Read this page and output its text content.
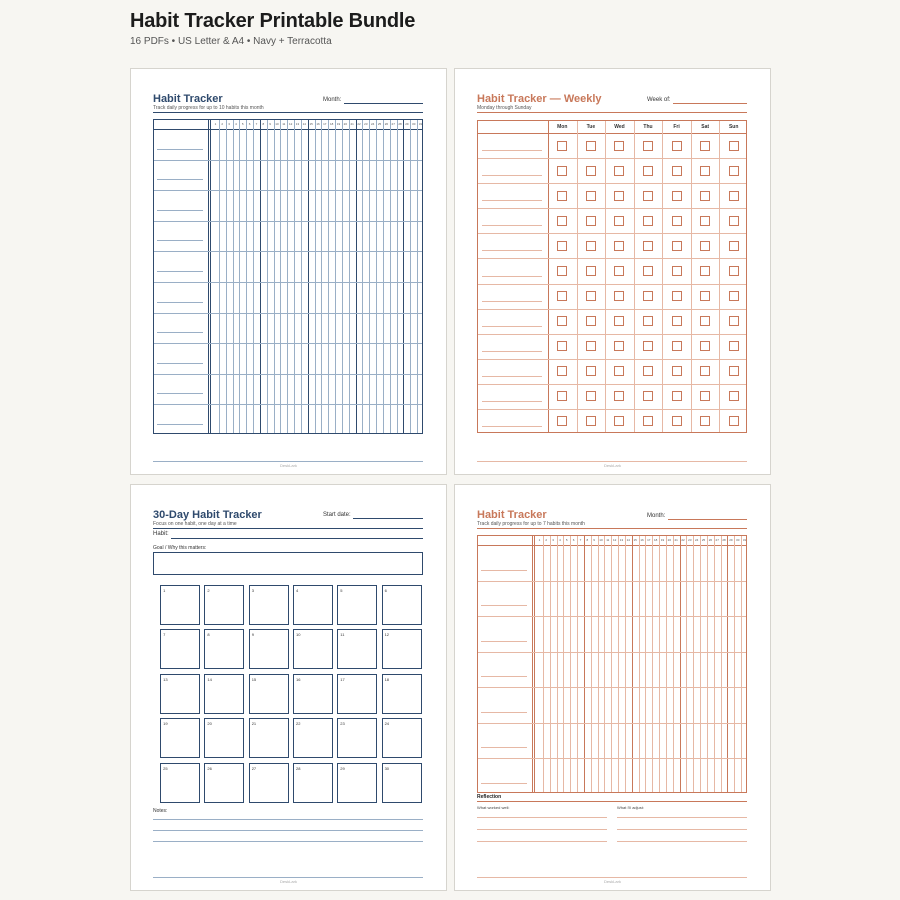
Habit Tracker Printable Bundle
16 PDFs • US Letter & A4 • Navy + Terracotta
Habit Tracker
Track daily progress for up to 10 habits this month
Month:
1	2	3	4	5	6	7	8	9	10	11	12	13	14	15	16	17	18	19	20	21	22	23	24	25	26	27	28	29	30	31
DeskLark
Habit Tracker — Weekly
Monday through Sunday
Week of:
Mon	Tue	Wed	Thu	Fri	Sat	Sun
DeskLark
30-Day Habit Tracker
Focus on one habit, one day at a time
Start date:
Habit:
Goal / Why this matters:
1	2	3	4	5	6
7	8	9	10	11	12
13	14	15	16	17	18
19	20	21	22	23	24
25	26	27	28	29	30
Notes:
DeskLark
Habit Tracker
Track daily progress for up to 7 habits this month
Month:
1	2	3	4	5	6	7	8	9	10	11	12	13	14	15	16	17	18	19	20	21	22	23	24	25	26	27	28	29	30	31
Reflection
What worked well:	What I'll adjust:
DeskLark
